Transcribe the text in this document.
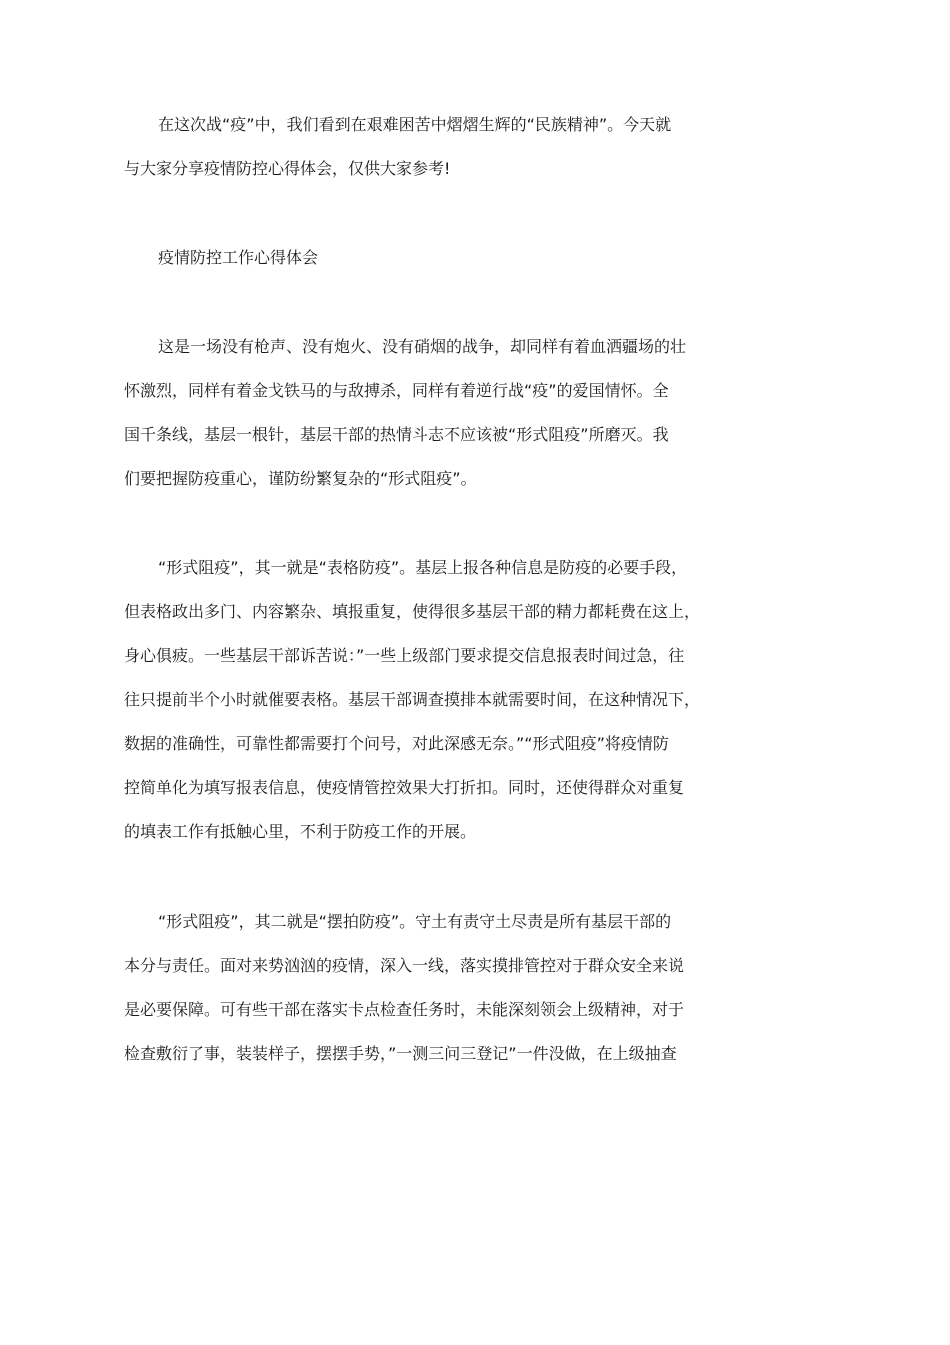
在这次战“疫”中，我们看到在艰难困苦中熠熠生辉的“民族精神”。今天就
与大家分享疫情防控心得体会，仅供大家参考!
疫情防控工作心得体会
这是一场没有枪声、没有炮火、没有硝烟的战争，却同样有着血洒疆场的壮
怀激烈，同样有着金戈铁马的与敌搏杀，同样有着逆行战“疫”的爱国情怀。全
国千条线，基层一根针，基层干部的热情斗志不应该被“形式阻疫”所磨灭。我
们要把握防疫重心，谨防纷繁复杂的“形式阻疫”。
“形式阻疫”，其一就是“表格防疫”。基层上报各种信息是防疫的必要手段，
但表格政出多门、内容繁杂、填报重复，使得很多基层干部的精力都耗费在这上，
身心俱疲。一些基层干部诉苦说：”一些上级部门要求提交信息报表时间过急，往
往只提前半个小时就催要表格。基层干部调查摸排本就需要时间，在这种情况下，
数据的准确性，可靠性都需要打个问号，对此深感无奈。”“形式阻疫”将疫情防
控简单化为填写报表信息，使疫情管控效果大打折扣。同时，还使得群众对重复
的填表工作有抵触心里，不利于防疫工作的开展。
“形式阻疫”，其二就是“摆拍防疫”。守土有责守土尽责是所有基层干部的
本分与责任。面对来势汹汹的疫情，深入一线，落实摸排管控对于群众安全来说
是必要保障。可有些干部在落实卡点检查任务时，未能深刻领会上级精神，对于
检查敷衍了事，装装样子，摆摆手势，”一测三问三登记”一件没做，在上级抽查
